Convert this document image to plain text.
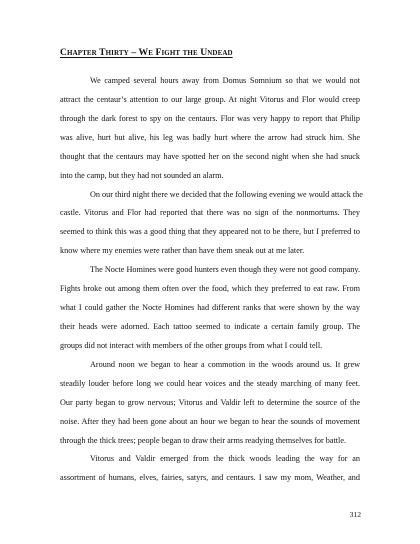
Chapter Thirty – We Fight the Undead
We camped several hours away from Domus Somnium so that we would not
attract the centaur’s attention to our large group. At night Vitorus and Flor would creep
through the dark forest to spy on the centaurs. Flor was very happy to report that Philip
was alive, hurt but alive, his leg was badly hurt where the arrow had struck him. She
thought that the centaurs may have spotted her on the second night when she had snuck
into the camp, but they had not sounded an alarm.
On our third night there we decided that the following evening we would attack the
castle. Vitorus and Flor had reported that there was no sign of the nonmortums. They
seemed to think this was a good thing that they appeared not to be there, but I preferred to
know where my enemies were rather than have them sneak out at me later.
The Nocte Homines were good hunters even though they were not good company.
Fights broke out among them often over the food, which they preferred to eat raw. From
what I could gather the Nocte Homines had different ranks that were shown by the way
their heads were adorned. Each tattoo seemed to indicate a certain family group. The
groups did not interact with members of the other groups from what I could tell.
Around noon we began to hear a commotion in the woods around us. It grew
steadily louder before long we could hear voices and the steady marching of many feet.
Our party began to grow nervous; Vitorus and Valdir left to determine the source of the
noise. After they had been gone about an hour we began to hear the sounds of movement
through the thick trees; people began to draw their arms readying themselves for battle.
Vitorus and Valdir emerged from the thick woods leading the way for an
assortment of humans, elves, fairies, satyrs, and centaurs. I saw my mom, Weather, and
312
